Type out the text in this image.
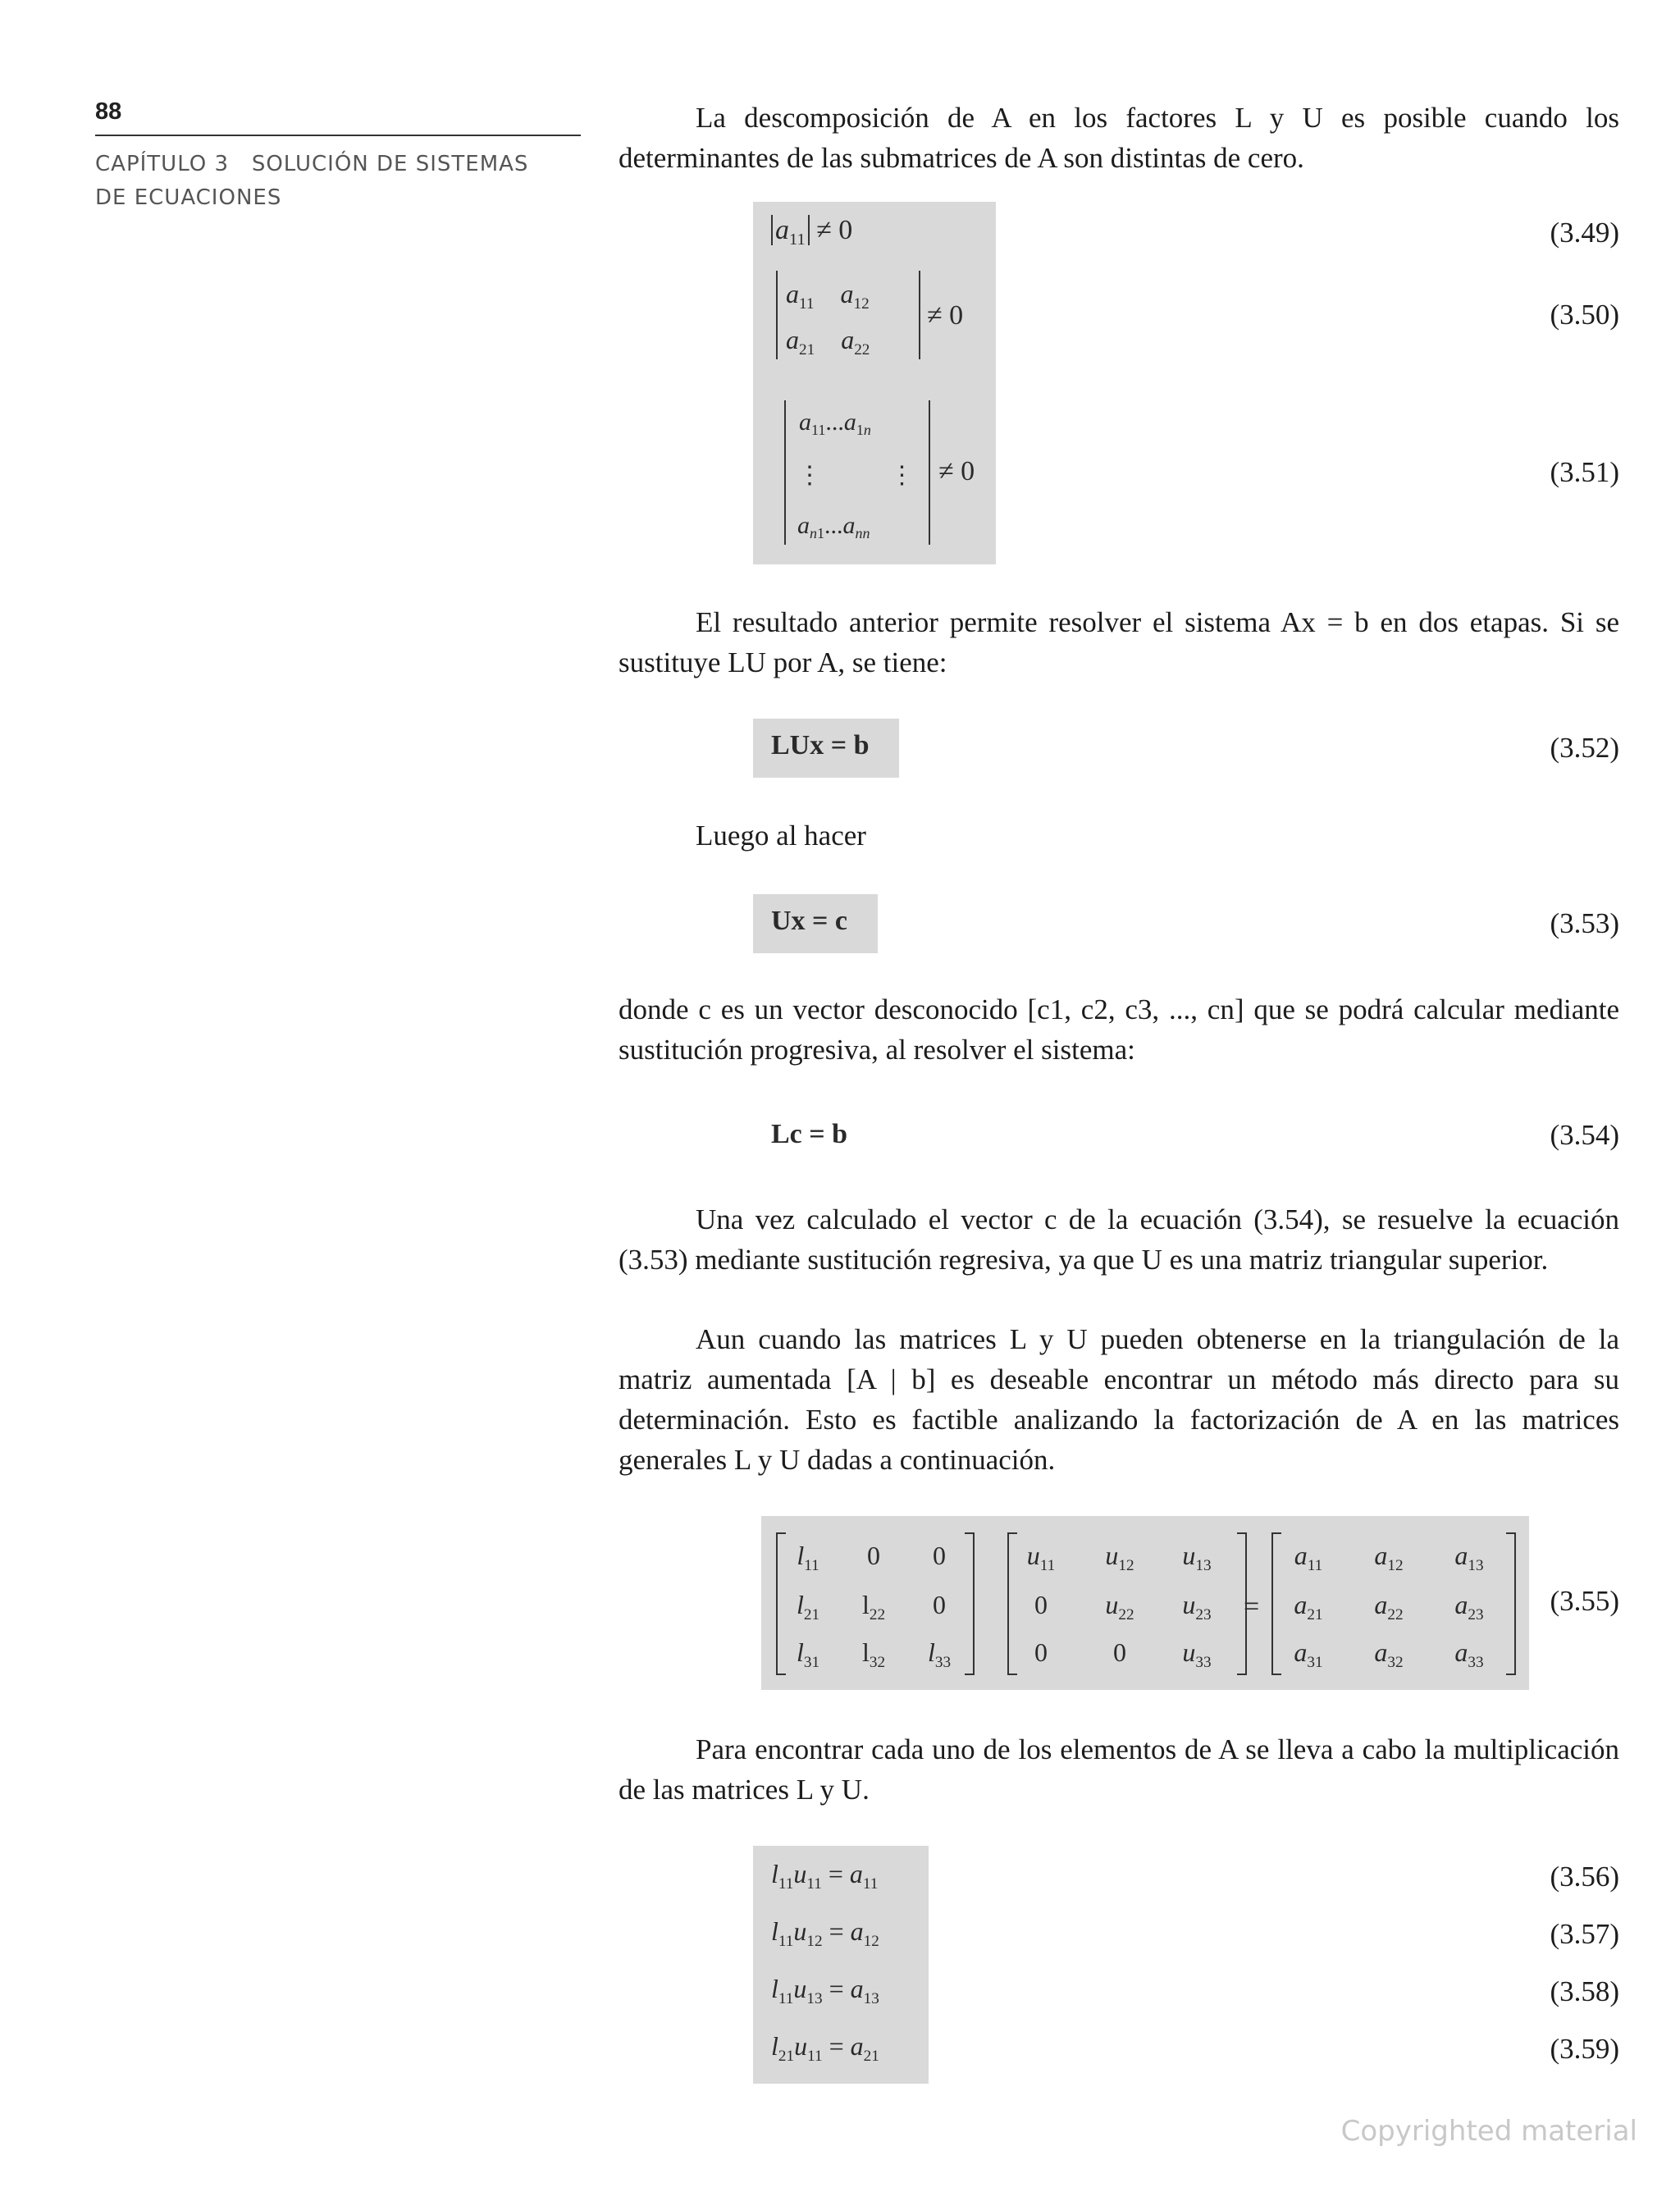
88
CAPÍTULO 3   SOLUCIÓN DE SISTEMAS
DE ECUACIONES

La descomposición de A en los factores L y U es posible cuando los determinantes de las submatrices de A son distintas de cero.

$a_{11} \ne 0$	(3.49)
$a_{11}$ $a_{12}$
$a_{21}$ $a_{22}$
≠ 0	(3.50)
$a_{11}...a_{1n}$
⋮           ⋮
$a_{n1}...a_{nn}$
≠ 0	(3.51)

El resultado anterior permite resolver el sistema Ax = b en dos etapas. Si se sustituye LU por A, se tiene:

LUx = b	(3.52)

Luego al hacer

Ux = c	(3.53)

donde c es un vector desconocido [c1, c2, c3, ..., cn] que se podrá calcular mediante sustitución progresiva, al resolver el sistema:

Lc = b	(3.54)

Una vez calculado el vector c de la ecuación (3.54), se resuelve la ecuación (3.53) mediante sustitución regresiva, ya que U es una matriz triangular superior.

Aun cuando las matrices L y U pueden obtenerse en la triangulación de la matriz aumentada [A | b] es deseable encontrar un método más directo para su determinación. Esto es factible analizando la factorización de A en las matrices generales L y U dadas a continuación.

=
$l_{11}$	0	0
$l_{21}$	$l_{22}$	0
$l_{31}$	$l_{32}$	$l_{33}$
$u_{11}$	$u_{12}$	$u_{13}$
0	$u_{22}$	$u_{23}$
0	0	$u_{33}$
$a_{11}$	$a_{12}$	$a_{13}$
$a_{21}$	$a_{22}$	$a_{23}$
$a_{31}$	$a_{32}$	$a_{33}$
(3.55)

Para encontrar cada uno de los elementos de A se lleva a cabo la multiplicación de las matrices L y U.

$l_{11}u_{11} = a_{11}$	(3.56)
$l_{11}u_{12} = a_{12}$	(3.57)
$l_{11}u_{13} = a_{13}$	(3.58)
$l_{21}u_{11} = a_{21}$	(3.59)
Copyrighted material
